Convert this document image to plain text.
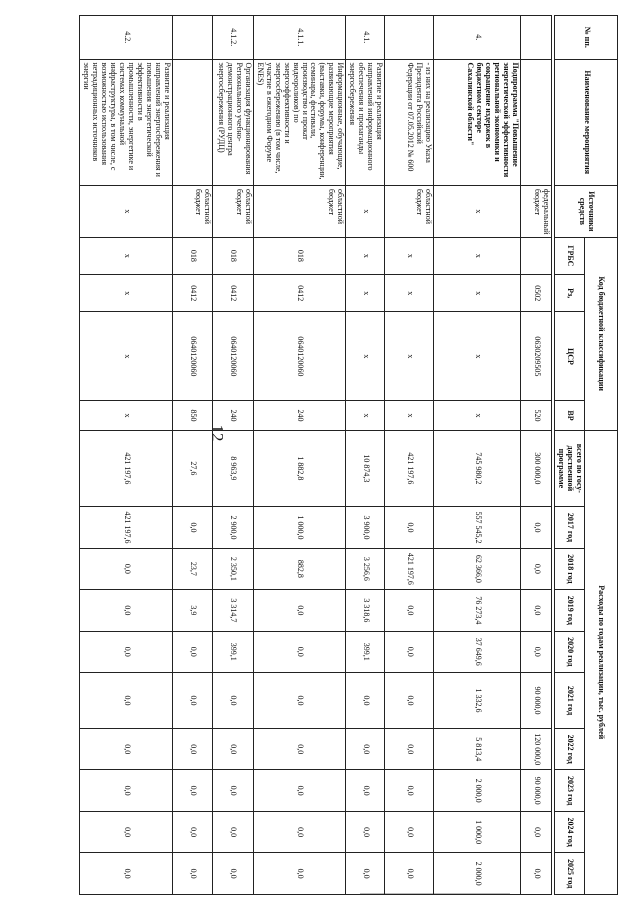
12
№ пп.	Наименование мероприятия	Источники средств	Код бюджетной классификации				Расходы по годам реализации, тыс. рублей									
			ГРБС	Рз,	ЦСР	ВР	всего по госу-дарственной программе	2017 год	2018 год	2019 год	2020 год	2021 год	2022 год	2023 год	2024 год	2025 год

		федеральный бюджет		0502	0630209505	520	300 000,0	0,0	0,0	0,0	0,0	90 000,0	120 000,0	90 000,0	0,0	0,0
4.	Подпрограмма "Повышение энергетической эффективности региональной экономики и сокращение издержек в бюджетном секторе Сахалинской области"	х	х	х	х	х	745 980,2	557 545,2	62 366,0	76 273,4	37 649,6	1 332,6	5 813,4	2 000,0	1 000,0	2 000,0
	- из них на реализацию Указа Президента Российской Федерации от 07.05.2012 № 600	областной бюджет	х	х	х	х	421 197,6	0,0	421 197,6	0,0	0,0	0,0	0,0	0,0	0,0	0,0
4.1.	Развитие и реализация направлений информационного обеспечения и пропаганды энергосбережения	х	х	х	х	х	10 874,3	3 900,0	3 256,6	3 318,6	399,1	0,0	0,0	0,0	0,0	0,0
4.1.1.	Информационные, обучающие, развивающие мероприятия (выставки, форумы, конференции, семинары, фестивали, производство и прокат видеороликов) по энергоэффективности и энергосбережению (в том числе, участие в ежегодном Форуме ENES)	областной бюджет	018	0412	0640120060	240	1 882,8	1 000,0	882,8	0,0	0,0	0,0	0,0	0,0	0,0	0,0
4.1.2.	Организация функционирования Регионального учебно-демонстрационного центра энергосбережения (РУДЦ)	областной бюджет	018	0412	0640120060	240	8 963,9	2 900,0	2 350,1	3 314,7	399,1	0,0	0,0	0,0	0,0	0,0
		областной бюджет	018	0412	0640120060	850	27,6	0,0	23,7	3,9	0,0	0,0	0,0	0,0	0,0	0,0
4.2.	Развитие и реализация направлений энергосбережения и повышения энергетической эффективности в промышленности, энергетике и системах коммунальной инфраструктуры, в том числе, с возможностью использования нетрадиционных источников энергии	х	х	х	х	х	421 197,6	421 197,6	0,0	0,0	0,0	0,0	0,0	0,0	0,0	0,0
